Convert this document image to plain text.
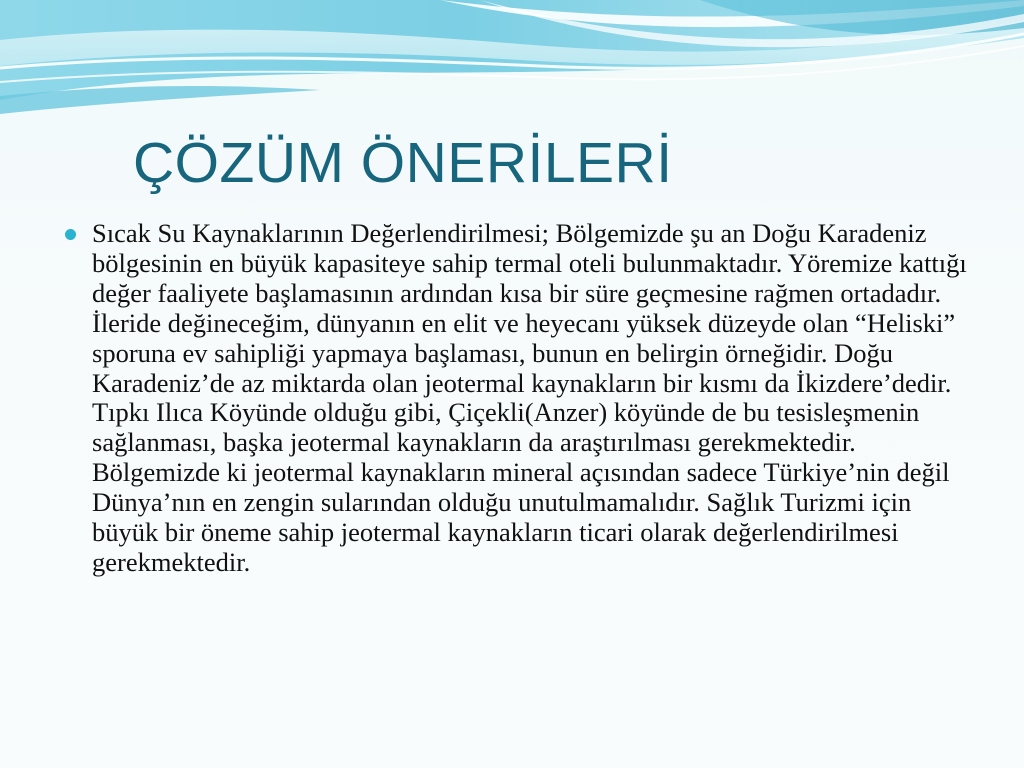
ÇÖZÜM ÖNERİLERİ

Sıcak Su Kaynaklarının Değerlendirilmesi; Bölgemizde şu an Doğu Karadeniz bölgesinin en büyük kapasiteye sahip termal oteli bulunmaktadır. Yöremize kattığı değer faaliyete başlamasının ardından kısa bir süre geçmesine rağmen ortadadır. İleride değineceğim, dünyanın en elit ve heyecanı yüksek düzeyde olan “Heliski” sporuna ev sahipliği yapmaya başlaması, bunun en belirgin örneğidir. Doğu Karadeniz’de az miktarda olan jeotermal kaynakların bir kısmı da İkizdere’dedir. Tıpkı Ilıca Köyünde olduğu gibi, Çiçekli(Anzer) köyünde de bu tesisleşmenin sağlanması, başka jeotermal kaynakların da araştırılması gerekmektedir. Bölgemizde ki jeotermal kaynakların mineral açısından sadece Türkiye’nin değil Dünya’nın en zengin sularından olduğu unutulmamalıdır. Sağlık Turizmi için büyük bir öneme sahip jeotermal kaynakların ticari olarak değerlendirilmesi gerekmektedir.
